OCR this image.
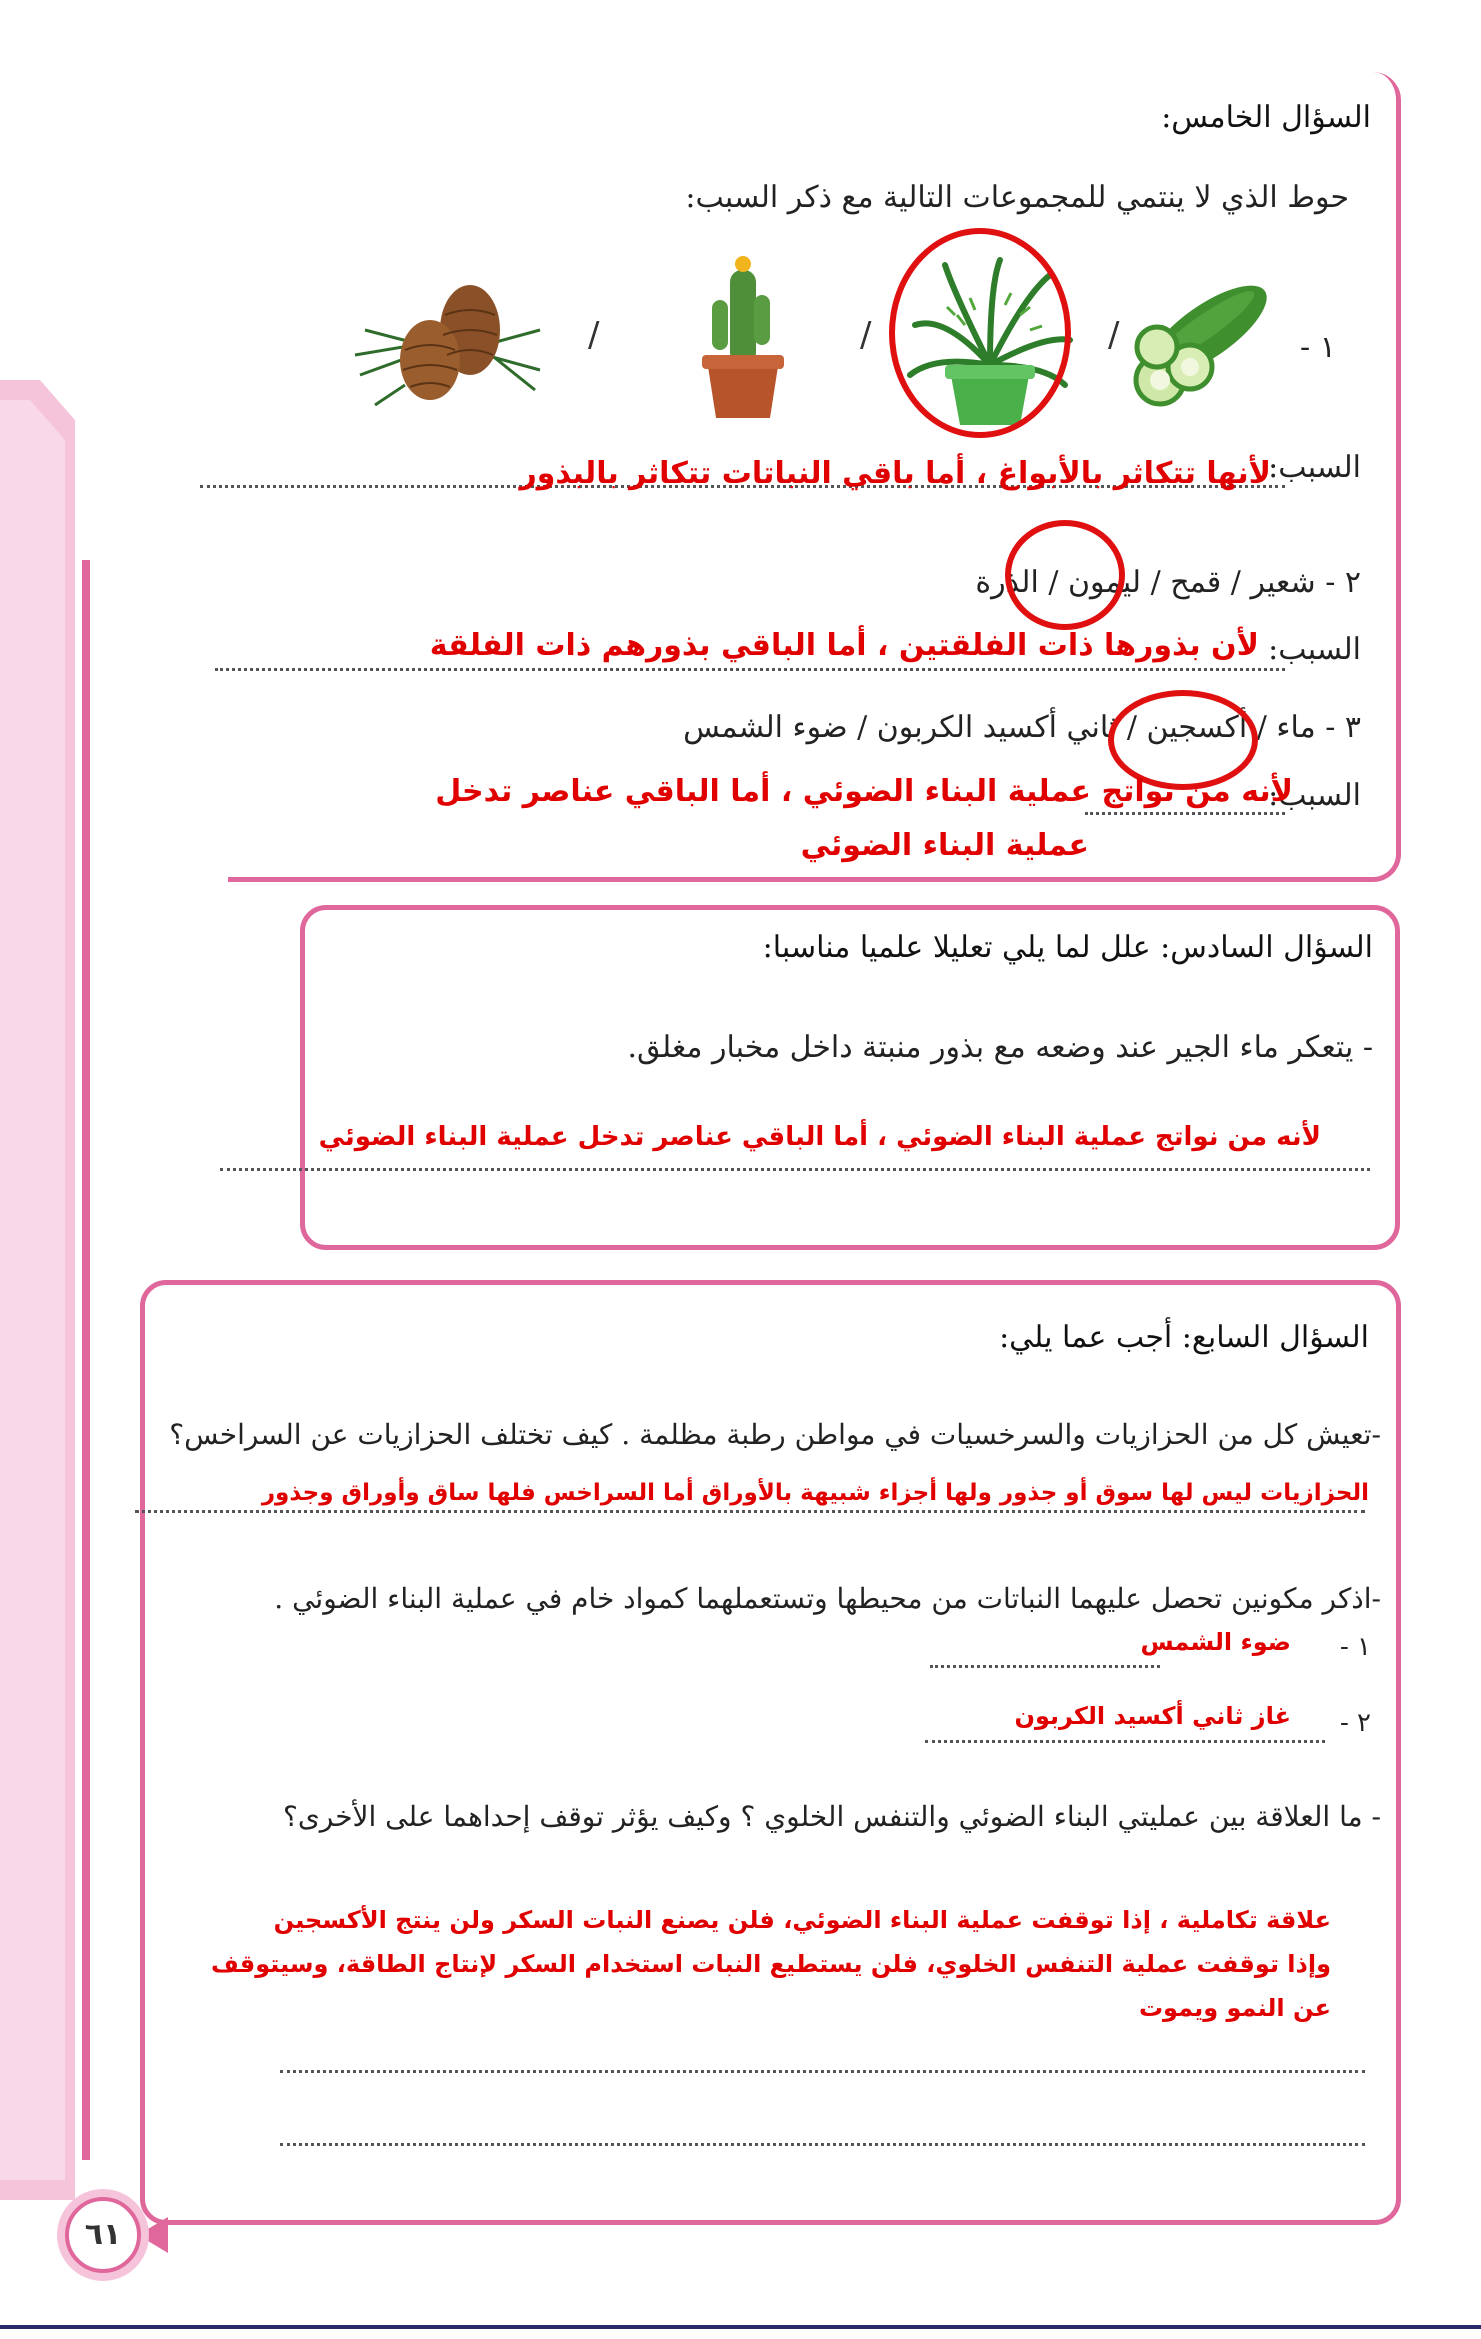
السؤال الخامس:
حوط الذي لا ينتمي للمجموعات التالية مع ذكر السبب:
١ -
/
/
/
السبب:
لأنها تتكاثر بالأبواغ ، أما باقي النباتات تتكاثر بالبذور
٢ - شعير / قمح / ليمون / الذرة
السبب:
لأن بذورها ذات الفلقتين ، أما الباقي بذورهم ذات الفلقة
٣ - ماء / أكسجين / ثاني أكسيد الكربون / ضوء الشمس
السبب:
لأنه من نواتج عملية البناء الضوئي ، أما الباقي عناصر تدخل
عملية البناء الضوئي
السؤال السادس: علل لما يلي تعليلا علميا مناسبا:
- يتعكر ماء الجير عند وضعه مع بذور منبتة داخل مخبار مغلق.
لأنه من نواتج عملية البناء الضوئي ، أما الباقي عناصر تدخل عملية البناء الضوئي
السؤال السابع: أجب عما يلي:
-تعيش كل من الحزازيات والسرخسيات في مواطن رطبة مظلمة . كيف تختلف الحزازيات عن السراخس؟
الحزازيات ليس لها سوق أو جذور ولها أجزاء شبيهة بالأوراق أما السراخس فلها ساق وأوراق وجذور
-اذكر مكونين تحصل عليهما النباتات من محيطها وتستعملهما كمواد خام في عملية البناء الضوئي .
١ -
ضوء الشمس
٢ -
غاز ثاني أكسيد الكربون
- ما العلاقة بين عمليتي البناء الضوئي والتنفس الخلوي ؟ وكيف يؤثر توقف إحداهما على الأخرى؟
علاقة تكاملية ، إذا توقفت عملية البناء الضوئي، فلن يصنع النبات السكر ولن ينتج الأكسجين
وإذا توقفت عملية التنفس الخلوي، فلن يستطيع النبات استخدام السكر لإنتاج الطاقة، وسيتوقف
عن النمو ويموت
٦١
